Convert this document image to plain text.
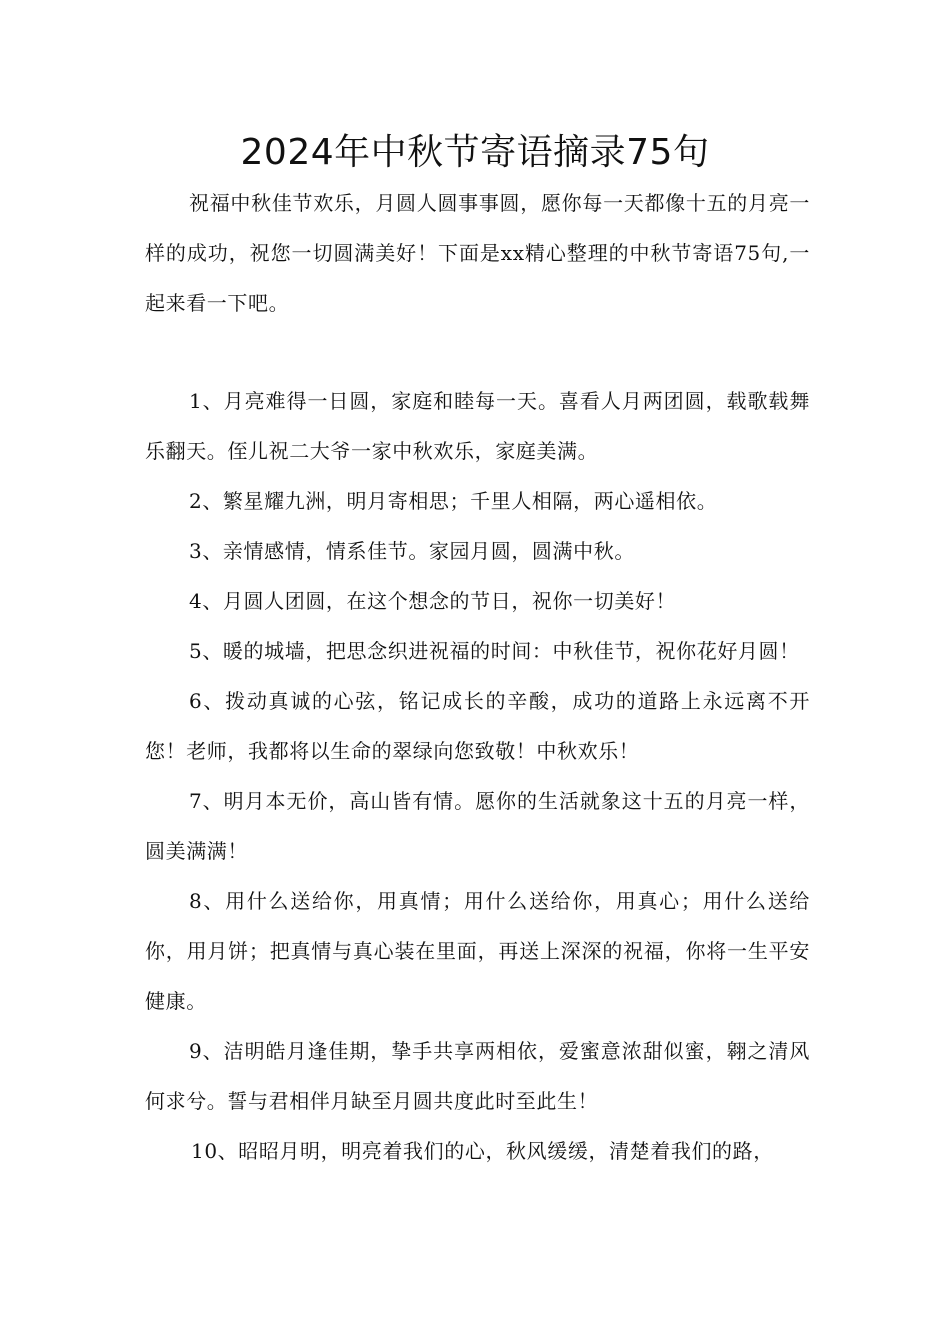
2024年中秋节寄语摘录75句

祝福中秋佳节欢乐，月圆人圆事事圆，愿你每一天都像十五的月亮一样的成功，祝您一切圆满美好！下面是xx精心整理的中秋节寄语75句,一起来看一下吧。

1、月亮难得一日圆，家庭和睦每一天。喜看人月两团圆，载歌载舞乐翻天。侄儿祝二大爷一家中秋欢乐，家庭美满。

2、繁星耀九洲，明月寄相思；千里人相隔，两心遥相依。

3、亲情感情，情系佳节。家园月圆，圆满中秋。

4、月圆人团圆，在这个想念的节日，祝你一切美好！

5、暖的城墙，把思念织进祝福的时间：中秋佳节，祝你花好月圆！

6、拨动真诚的心弦，铭记成长的辛酸，成功的道路上永远离不开您！老师，我都将以生命的翠绿向您致敬！中秋欢乐！

7、明月本无价，高山皆有情。愿你的生活就象这十五的月亮一样，圆美满满！

8、用什么送给你，用真情；用什么送给你，用真心；用什么送给你，用月饼；把真情与真心装在里面，再送上深深的祝福，你将一生平安健康。

9、洁明皓月逢佳期，挚手共享两相依，爱蜜意浓甜似蜜，翱之清风何求兮。誓与君相伴月缺至月圆共度此时至此生！

10、昭昭月明，明亮着我们的心，秋风缓缓，清楚着我们的路，
